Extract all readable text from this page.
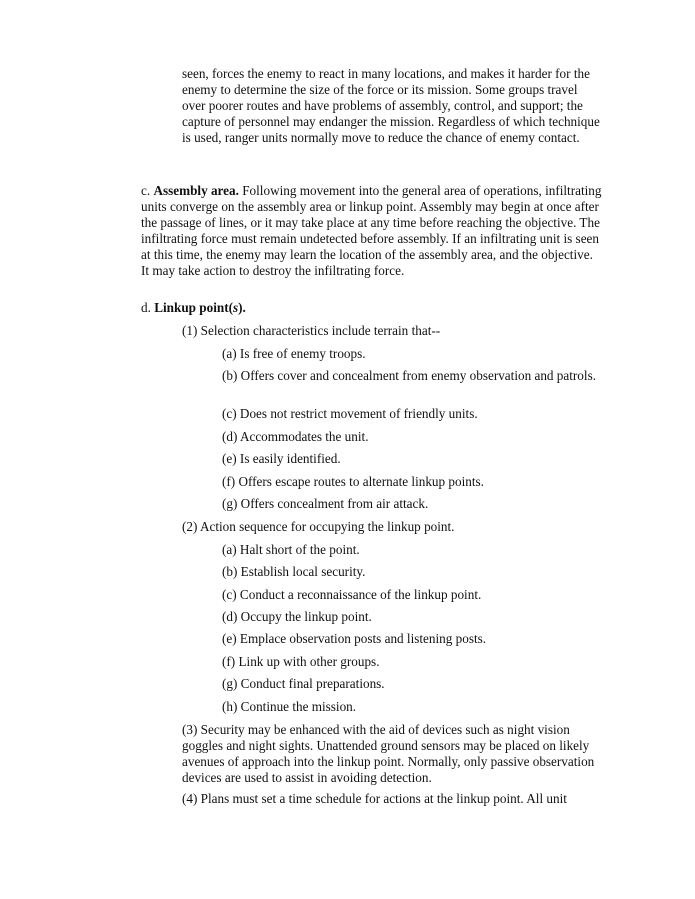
seen, forces the enemy to react in many locations, and makes it harder for the enemy to determine the size of the force or its mission. Some groups travel over poorer routes and have problems of assembly, control, and support; the capture of personnel may endanger the mission. Regardless of which technique is used, ranger units normally move to reduce the chance of enemy contact.

c. Assembly area. Following movement into the general area of operations, infiltrating units converge on the assembly area or linkup point. Assembly may begin at once after the passage of lines, or it may take place at any time before reaching the objective. The infiltrating force must remain undetected before assembly. If an infiltrating unit is seen at this time, the enemy may learn the location of the assembly area, and the objective. It may take action to destroy the infiltrating force.

d. Linkup point(s).

(1) Selection characteristics include terrain that--

(a) Is free of enemy troops.

(b) Offers cover and concealment from enemy observation and patrols.

(c) Does not restrict movement of friendly units.

(d) Accommodates the unit.

(e) Is easily identified.

(f) Offers escape routes to alternate linkup points.

(g) Offers concealment from air attack.

(2) Action sequence for occupying the linkup point.

(a) Halt short of the point.

(b) Establish local security.

(c) Conduct a reconnaissance of the linkup point.

(d) Occupy the linkup point.

(e) Emplace observation posts and listening posts.

(f) Link up with other groups.

(g) Conduct final preparations.

(h) Continue the mission.

(3) Security may be enhanced with the aid of devices such as night vision goggles and night sights. Unattended ground sensors may be placed on likely avenues of approach into the linkup point. Normally, only passive observation devices are used to assist in avoiding detection.

(4) Plans must set a time schedule for actions at the linkup point. All unit
